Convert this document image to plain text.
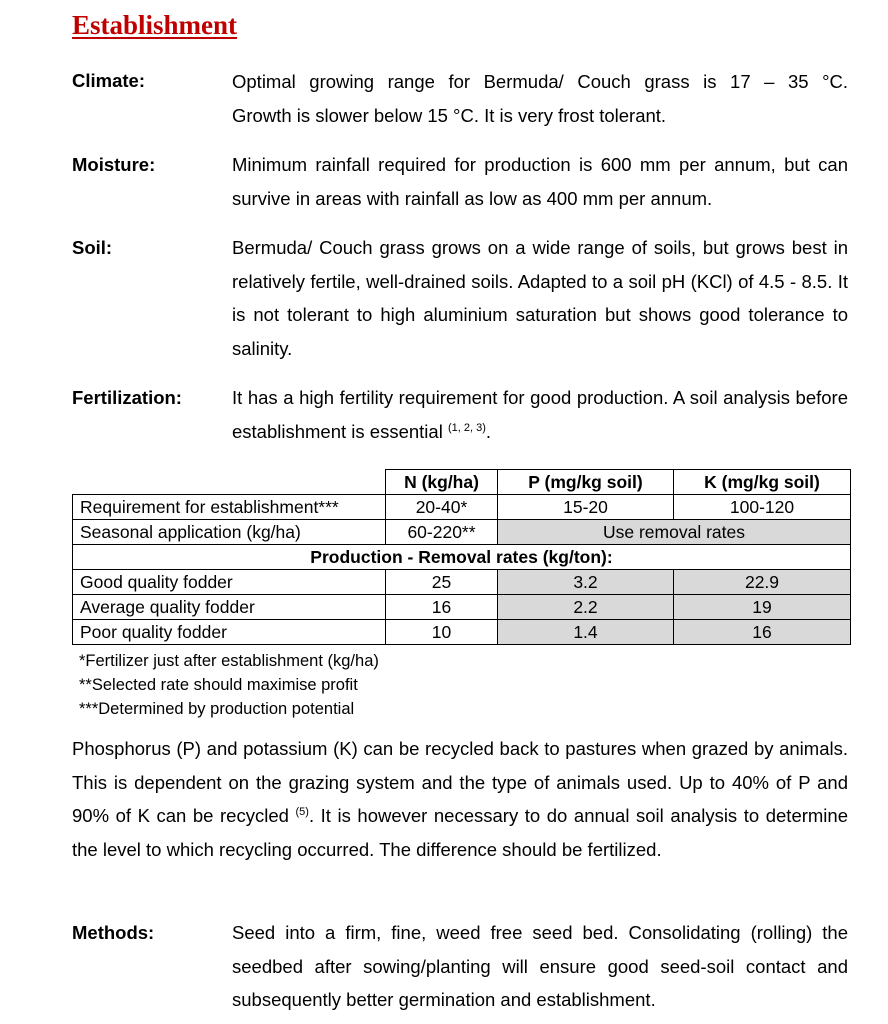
Establishment
Climate:	Optimal growing range for Bermuda/ Couch grass is 17 – 35 °C.
Growth is slower below 15 °C. It is very frost tolerant.
Moisture:	Minimum rainfall required for production is 600 mm per annum, but can survive in areas with rainfall as low as 400 mm per annum.
Soil:	Bermuda/ Couch grass grows on a wide range of soils, but grows best in relatively fertile, well-drained soils. Adapted to a soil pH (KCl) of 4.5 - 8.5. It is not tolerant to high aluminium saturation but shows good tolerance to salinity.
Fertilization:	It has a high fertility requirement for good production. A soil analysis before establishment is essential $^{(1, 2, 3)}$.
	N (kg/ha)	P (mg/kg soil)	K (mg/kg soil)
Requirement for establishment***	20-40*	15-20	100-120
Seasonal application (kg/ha)	60-220**	Use removal rates	
Production - Removal rates (kg/ton):			
Good quality fodder	25	3.2	22.9
Average quality fodder	16	2.2	19
Poor quality fodder	10	1.4	16
*Fertilizer just after establishment (kg/ha)
**Selected rate should maximise profit
***Determined by production potential
Phosphorus (P) and potassium (K) can be recycled back to pastures when grazed by animals. This is dependent on the grazing system and the type of animals used. Up to 40% of P and 90% of K can be recycled $^{(5)}$. It is however necessary to do annual soil analysis to determine the level to which recycling occurred. The difference should be fertilized.
Methods:	Seed into a firm, fine, weed free seed bed. Consolidating (rolling) the seedbed after sowing/planting will ensure good seed-soil contact and subsequently better germination and establishment.
